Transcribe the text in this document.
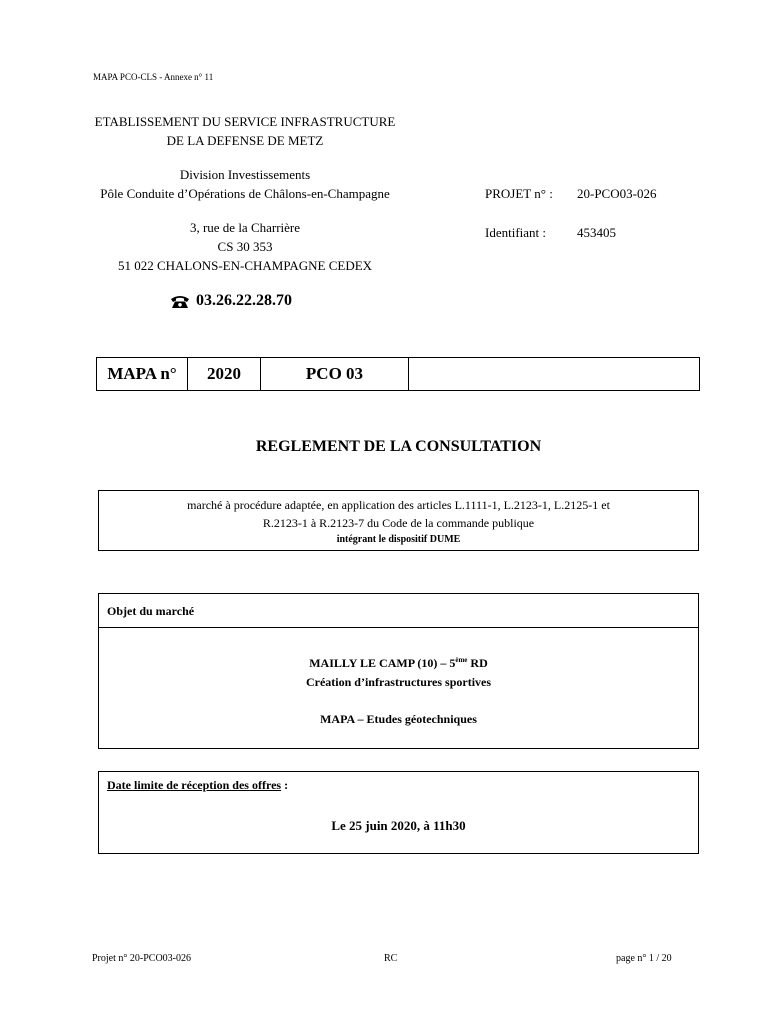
MAPA PCO-CLS - Annexe n° 11
ETABLISSEMENT DU SERVICE INFRASTRUCTURE
DE LA DEFENSE DE METZ
Division Investissements
Pôle Conduite d’Opérations de Châlons-en-Champagne
3, rue de la Charrière
CS 30 353
51 022 CHALONS-EN-CHAMPAGNE CEDEX
PROJET n° : 20-PCO03-026
Identifiant : 453405
03.26.22.28.70
MAPA n°	2020	PCO 03
REGLEMENT DE LA CONSULTATION
marché à procédure adaptée, en application des articles L.1111-1, L.2123-1, L.2125-1 et
R.2123-1 à R.2123-7 du Code de la commande publique
intégrant le dispositif DUME
Objet du marché
MAILLY LE CAMP (10) – 5ème RD
Création d’infrastructures sportives
MAPA – Etudes géotechniques
Date limite de réception des offres :
Le 25 juin 2020, à 11h30
Projet n° 20-PCO03-026	RC	page n° 1 / 20
